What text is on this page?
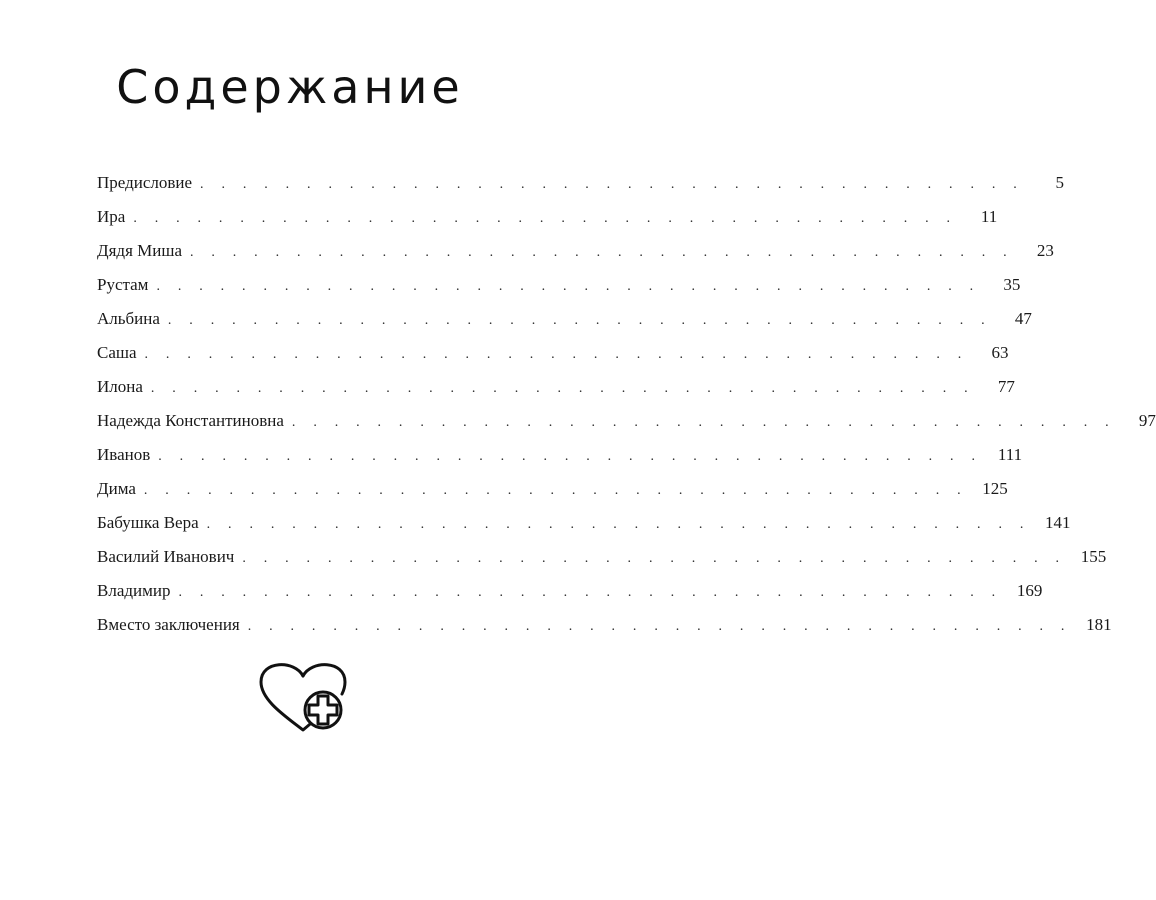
Содержание
Предисловие . . . . . . . . . . . . . . . . . . . . . . . . . . . . . . . . . . . . . . .	5
Ира . . . . . . . . . . . . . . . . . . . . . . . . . . . . . . . . . . . . . . .	11
Дядя Миша . . . . . . . . . . . . . . . . . . . . . . . . . . . . . . . . . . . . . . .	23
Рустам . . . . . . . . . . . . . . . . . . . . . . . . . . . . . . . . . . . . . . .	35
Альбина . . . . . . . . . . . . . . . . . . . . . . . . . . . . . . . . . . . . . . .	47
Саша . . . . . . . . . . . . . . . . . . . . . . . . . . . . . . . . . . . . . . .	63
Илона . . . . . . . . . . . . . . . . . . . . . . . . . . . . . . . . . . . . . . .	77
Надежда Константиновна . . . . . . . . . . . . . . . . . . . . . . . . . . . . . . . . . . . . . . .	97
Иванов . . . . . . . . . . . . . . . . . . . . . . . . . . . . . . . . . . . . . . . 111
Дима . . . . . . . . . . . . . . . . . . . . . . . . . . . . . . . . . . . . . . . 125
Бабушка Вера . . . . . . . . . . . . . . . . . . . . . . . . . . . . . . . . . . . . . . . 141
Василий Иванович . . . . . . . . . . . . . . . . . . . . . . . . . . . . . . . . . . . . . . . 155
Владимир . . . . . . . . . . . . . . . . . . . . . . . . . . . . . . . . . . . . . . . 169
Вместо заключения . . . . . . . . . . . . . . . . . . . . . . . . . . . . . . . . . . . . . . . 181
